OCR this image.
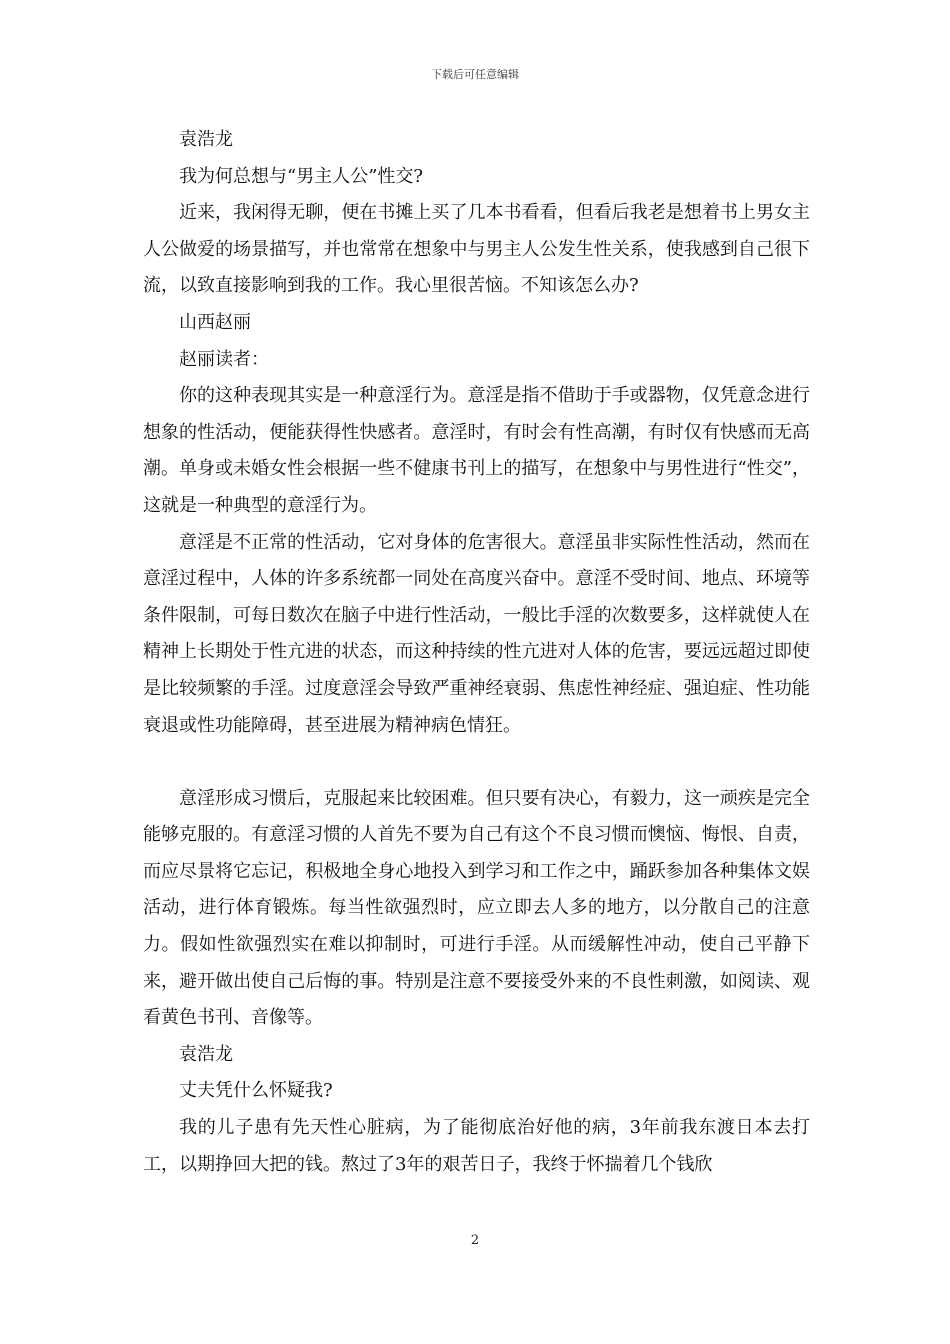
下载后可任意编辑

袁浩龙

我为何总想与“男主人公”性交?

近来，我闲得无聊，便在书摊上买了几本书看看，但看后我老是想着书上男女主人公做爱的场景描写，并也常常在想象中与男主人公发生性关系，使我感到自己很下流，以致直接影响到我的工作。我心里很苦恼。不知该怎么办?

山西赵丽

赵丽读者：

你的这种表现其实是一种意淫行为。意淫是指不借助于手或器物，仅凭意念进行想象的性活动，便能获得性快感者。意淫时，有时会有性高潮，有时仅有快感而无高潮。单身或未婚女性会根据一些不健康书刊上的描写，在想象中与男性进行“性交”，这就是一种典型的意淫行为。

意淫是不正常的性活动，它对身体的危害很大。意淫虽非实际性性活动，然而在意淫过程中，人体的许多系统都一同处在高度兴奋中。意淫不受时间、地点、环境等条件限制，可每日数次在脑子中进行性活动，一般比手淫的次数要多，这样就使人在精神上长期处于性亢进的状态，而这种持续的性亢进对人体的危害，要远远超过即使是比较频繁的手淫。过度意淫会导致严重神经衰弱、焦虑性神经症、强迫症、性功能衰退或性功能障碍，甚至进展为精神病色情狂。

意淫形成习惯后，克服起来比较困难。但只要有决心，有毅力，这一顽疾是完全能够克服的。有意淫习惯的人首先不要为自己有这个不良习惯而懊恼、悔恨、自责，而应尽景将它忘记，积极地全身心地投入到学习和工作之中，踊跃参加各种集体文娱活动，进行体育锻炼。每当性欲强烈时，应立即去人多的地方，以分散自己的注意力。假如性欲强烈实在难以抑制时，可进行手淫。从而缓解性冲动，使自己平静下来，避开做出使自己后悔的事。特别是注意不要接受外来的不良性刺激，如阅读、观看黄色书刊、音像等。

袁浩龙

丈夫凭什么怀疑我?

我的儿子患有先天性心脏病，为了能彻底治好他的病，3年前我东渡日本去打工，以期挣回大把的钱。熬过了3年的艰苦日子，我终于怀揣着几个钱欣

2
